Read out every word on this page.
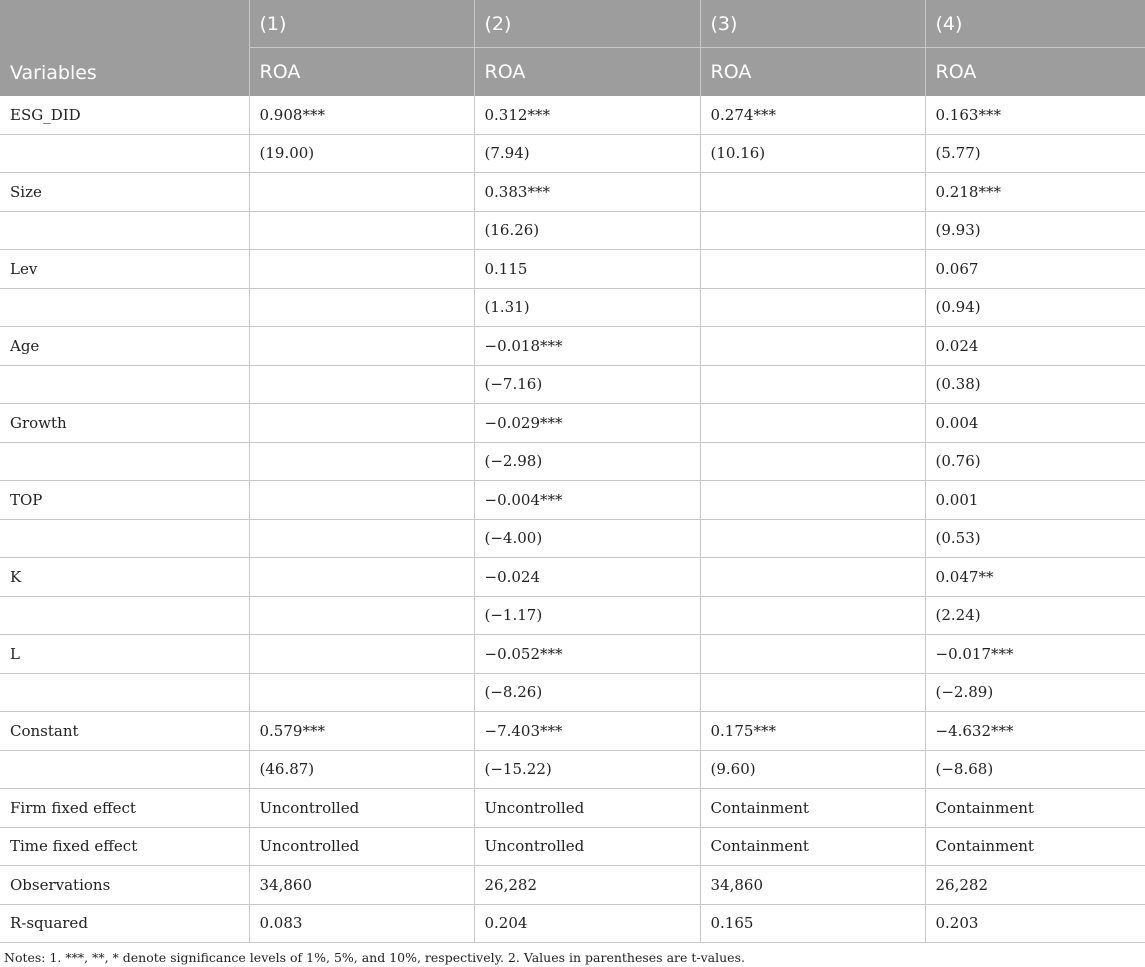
Variables	(1)	(2)	(3)	(4)
	ROA	ROA	ROA	ROA
ESG_DID	0.908***	0.312***	0.274***	0.163***
	(19.00)	(7.94)	(10.16)	(5.77)
Size		0.383***		0.218***
		(16.26)		(9.93)
Lev		0.115		0.067
		(1.31)		(0.94)
Age		−0.018***		0.024
		(−7.16)		(0.38)
Growth		−0.029***		0.004
		(−2.98)		(0.76)
TOP		−0.004***		0.001
		(−4.00)		(0.53)
K		−0.024		0.047**
		(−1.17)		(2.24)
L		−0.052***		−0.017***
		(−8.26)		(−2.89)
Constant	0.579***	−7.403***	0.175***	−4.632***
	(46.87)	(−15.22)	(9.60)	(−8.68)
Firm fixed effect	Uncontrolled	Uncontrolled	Containment	Containment
Time fixed effect	Uncontrolled	Uncontrolled	Containment	Containment
Observations	34,860	26,282	34,860	26,282
R-squared	0.083	0.204	0.165	0.203
Notes: 1. ***, **, * denote significance levels of 1%, 5%, and 10%, respectively. 2. Values in parentheses are t-values.
